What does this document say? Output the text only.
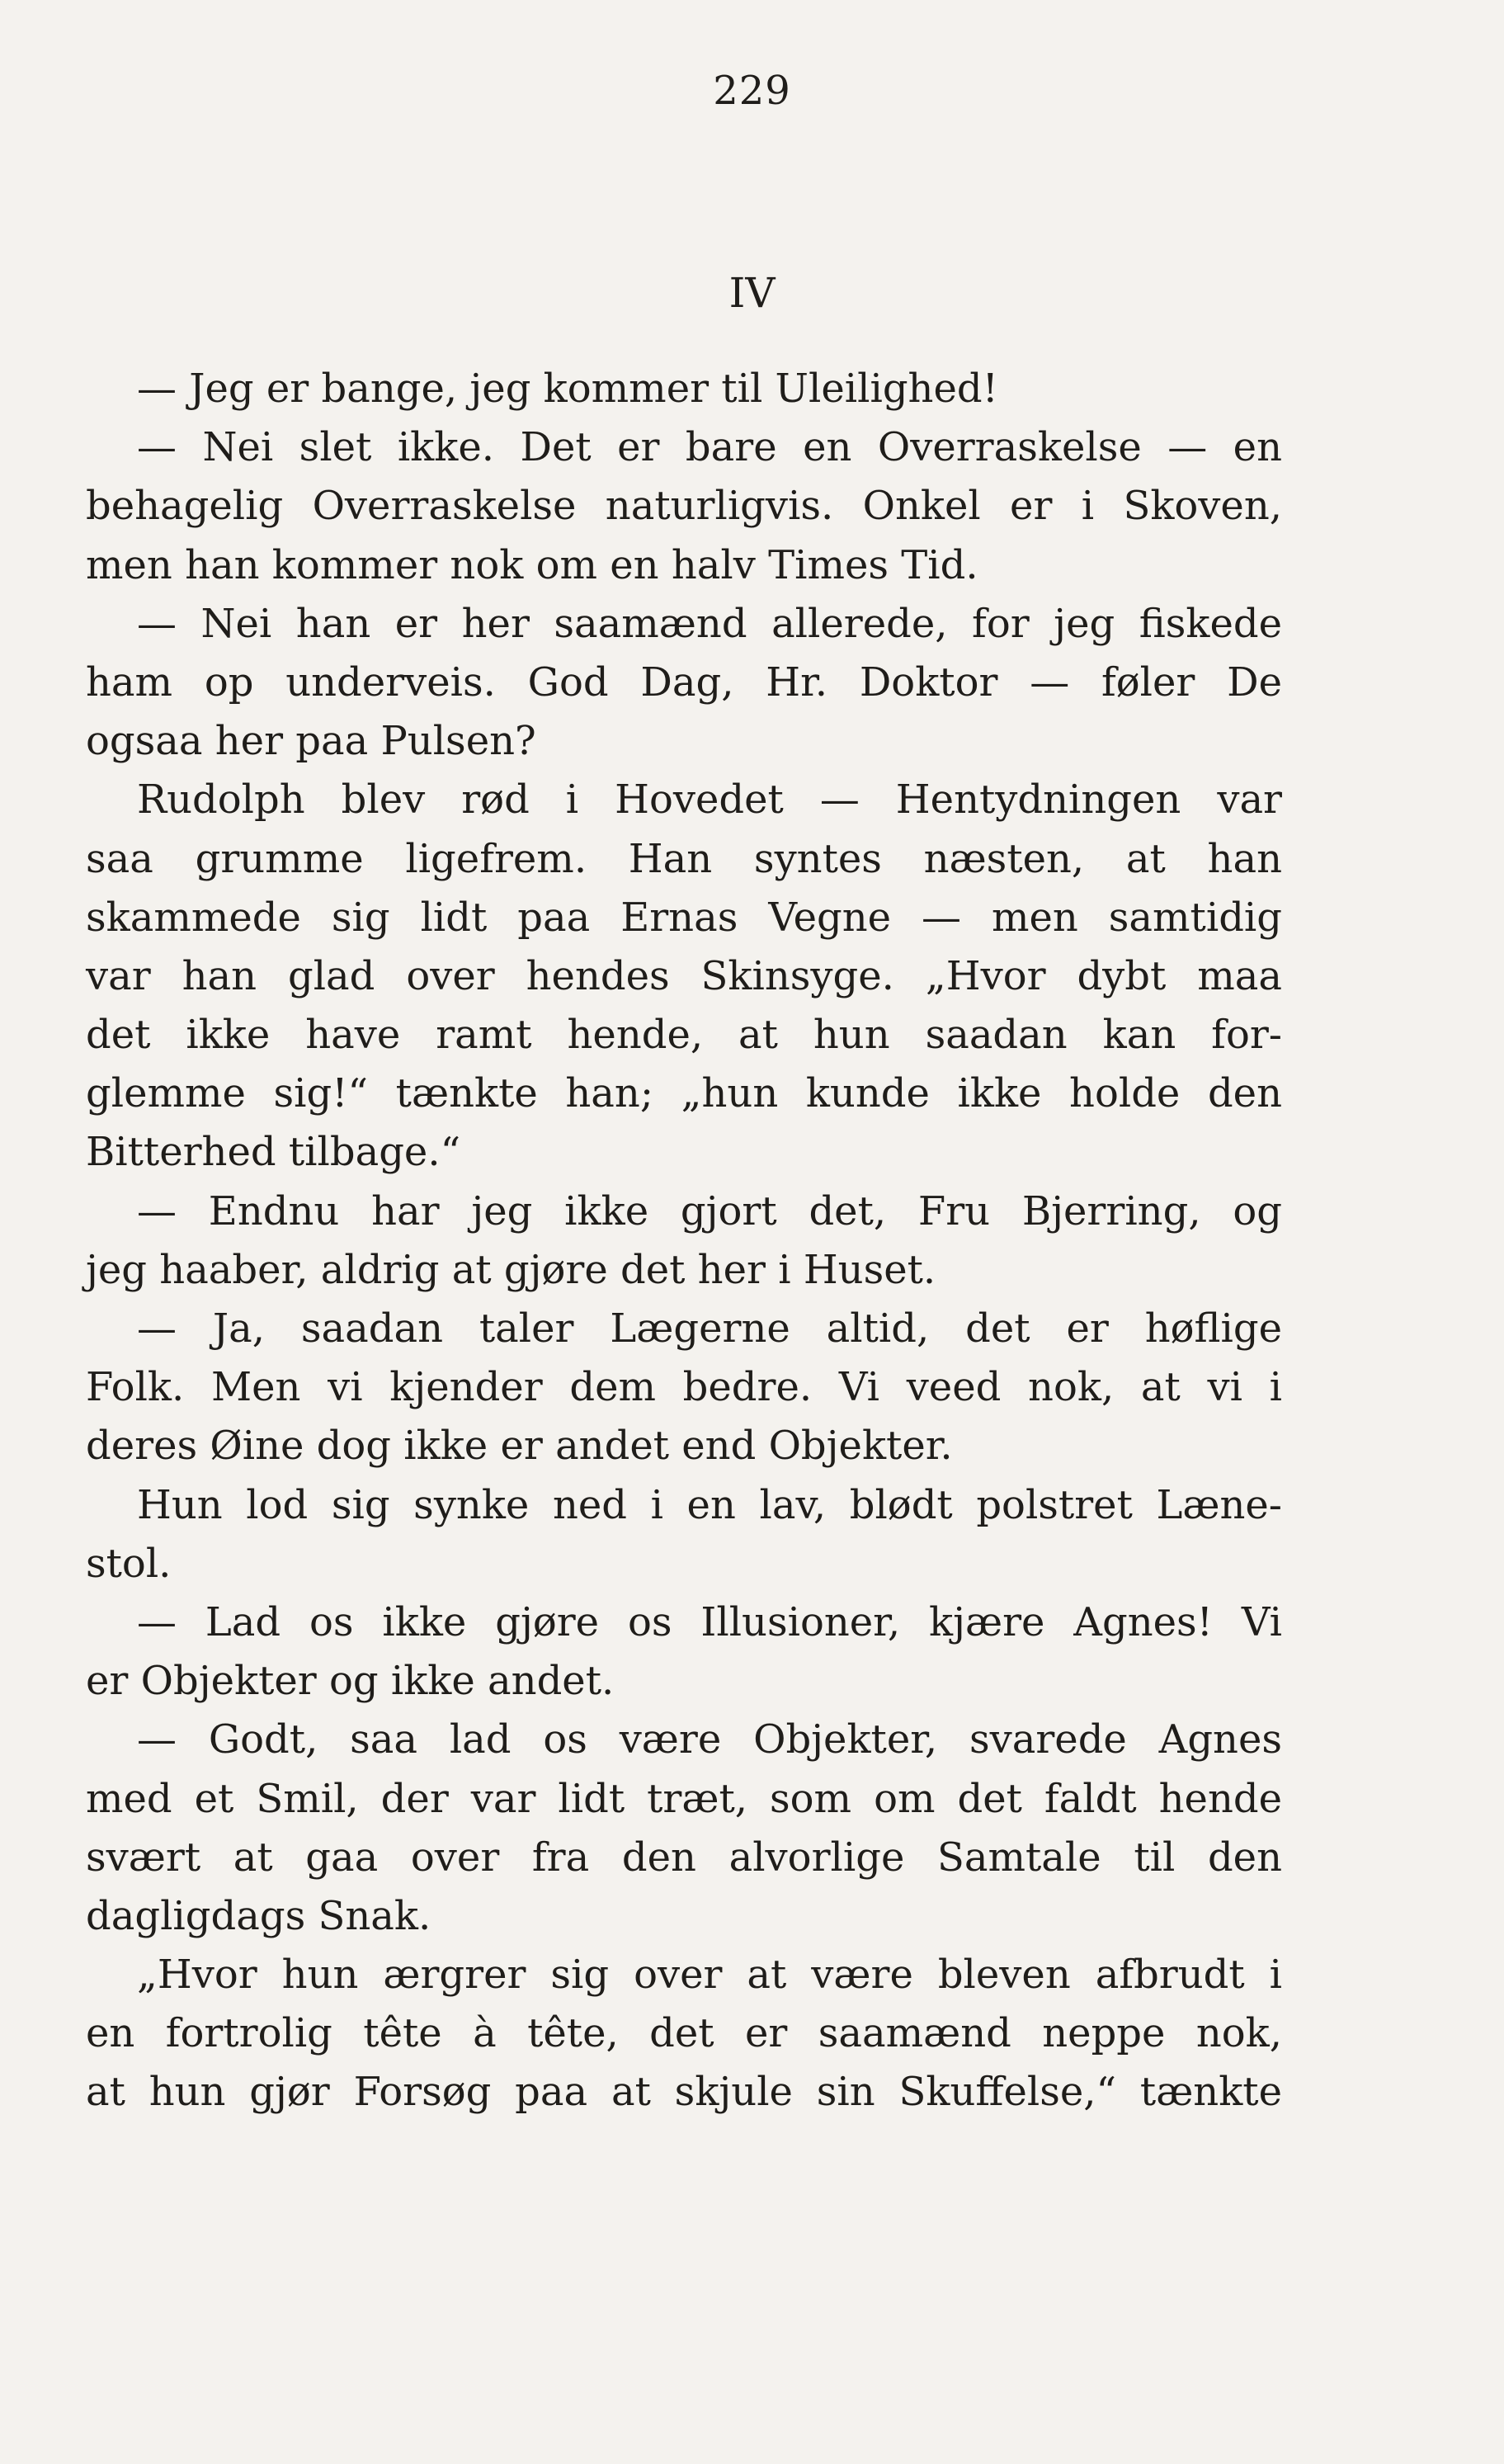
229
IV
— Jeg er bange, jeg kommer til Uleilighed!
— Nei slet ikke. Det er bare en Overraskelse — en
behagelig Overraskelse naturligvis. Onkel er i Skoven,
men han kommer nok om en halv Times Tid.
— Nei han er her saamænd allerede, for jeg fiskede
ham op underveis. God Dag, Hr. Doktor — føler De
ogsaa her paa Pulsen?
Rudolph blev rød i Hovedet — Hentydningen var
saa grumme ligefrem. Han syntes næsten, at han
skammede sig lidt paa Ernas Vegne — men samtidig
var han glad over hendes Skinsyge. „Hvor dybt maa
det ikke have ramt hende, at hun saadan kan for-
glemme sig!“ tænkte han; „hun kunde ikke holde den
Bitterhed tilbage.“
— Endnu har jeg ikke gjort det, Fru Bjerring, og
jeg haaber, aldrig at gjøre det her i Huset.
— Ja, saadan taler Lægerne altid, det er høflige
Folk. Men vi kjender dem bedre. Vi veed nok, at vi i
deres Øine dog ikke er andet end Objekter.
Hun lod sig synke ned i en lav, blødt polstret Læne-
stol.
— Lad os ikke gjøre os Illusioner, kjære Agnes! Vi
er Objekter og ikke andet.
— Godt, saa lad os være Objekter, svarede Agnes
med et Smil, der var lidt træt, som om det faldt hende
svært at gaa over fra den alvorlige Samtale til den
dagligdags Snak.
„Hvor hun ærgrer sig over at være bleven afbrudt i
en fortrolig tête à tête, det er saamænd neppe nok,
at hun gjør Forsøg paa at skjule sin Skuffelse,“ tænkte
